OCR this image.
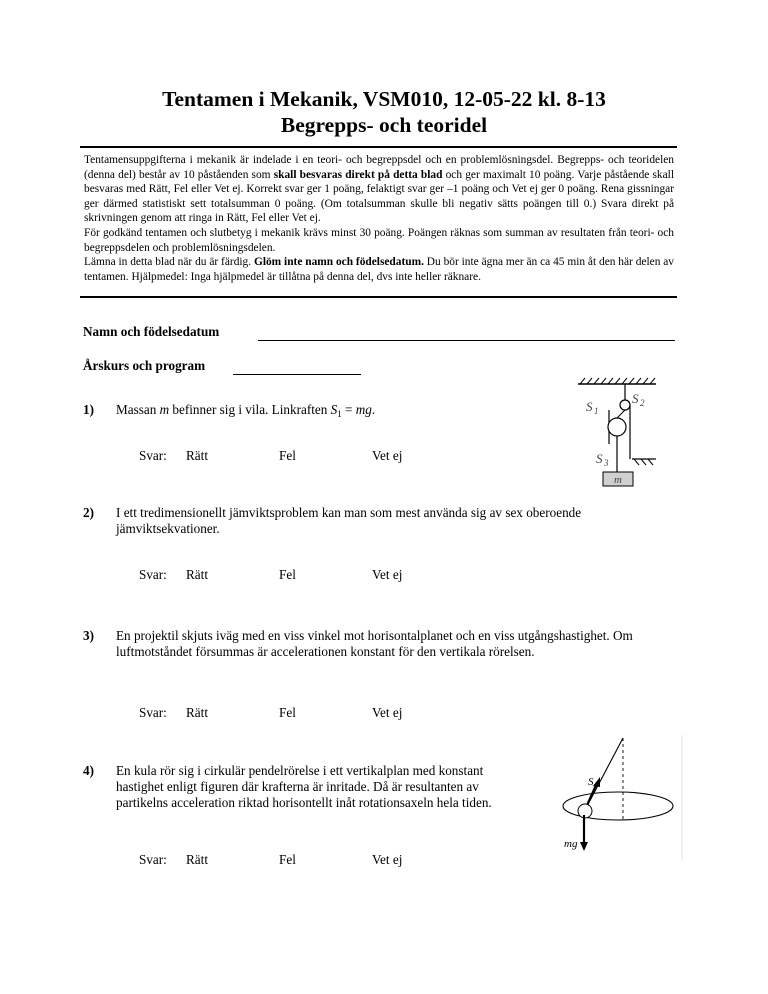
Tentamen i Mekanik, VSM010, 12-05-22 kl. 8-13
Begrepps- och teoridel

Tentamensuppgifterna i mekanik är indelade i en teori- och begreppsdel och en problemlösningsdel. Begrepps- och teoridelen (denna del) består av 10 påståenden som skall besvaras direkt på detta blad och ger maximalt 10 poäng. Varje påstående skall besvaras med Rätt, Fel eller Vet ej. Korrekt svar ger 1 poäng, felaktigt svar ger –1 poäng och Vet ej ger 0 poäng. Rena gissningar ger därmed statistiskt sett totalsumman 0 poäng. (Om totalsumman skulle bli negativ sätts poängen till 0.) Svara direkt på skrivningen genom att ringa in Rätt, Fel eller Vet ej.

För godkänd tentamen och slutbetyg i mekanik krävs minst 30 poäng. Poängen räknas som summan av resultaten från teori- och begreppsdelen och problemlösningsdelen.

Lämna in detta blad när du är färdig. Glöm inte namn och födelsedatum. Du bör inte ägna mer än ca 45 min åt den här delen av tentamen. Hjälpmedel: Inga hjälpmedel är tillåtna på denna del, dvs inte heller räknare.

Namn och födelsedatum
Årskurs och program
1) Massan m befinner sig i vila. Linkraften $S_1$ = mg.
Svar: Rätt	Fel	Vet ej
m
S 2
S 1
S 3
2) I ett tredimensionellt jämviktsproblem kan man som mest använda sig av sex oberoende
jämviktsekvationer.
Svar: Rätt	Fel	Vet ej
3) En projektil skjuts iväg med en viss vinkel mot horisontalplanet och en viss utgångshastighet. Om
luftmotståndet försummas är accelerationen konstant för den vertikala rörelsen.
Svar: Rätt	Fel	Vet ej
4) En kula rör sig i cirkulär pendelrörelse i ett vertikalplan med konstant
hastighet enligt figuren där krafterna är inritade. Då är resultanten av
partikelns acceleration riktad horisontellt inåt rotationsaxeln hela tiden.
S
mg
Svar: Rätt	Fel	Vet ej
